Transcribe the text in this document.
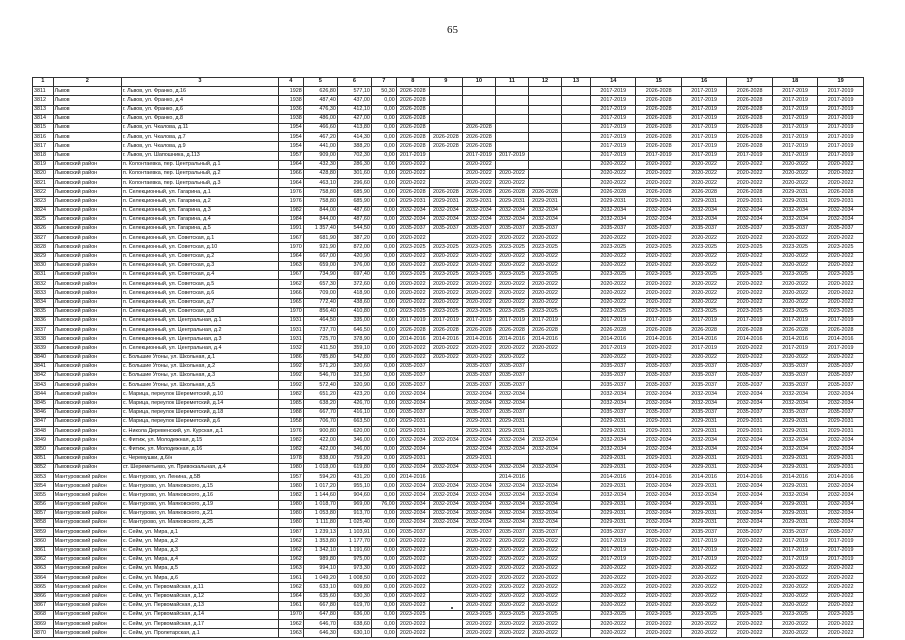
65
1	2	3	4	5	6	7	8	9	10	11	12	13	14	15	16	17	18	19
3811	Львов	г. Львов, ул. Франко, д.16	1928	626,80	577,10	50,30	2026-2028						2017-2019	2026-2028	2017-2019	2026-2028	2017-2019	2017-2019
3812	Львов	г. Львов, ул. Франко, д.4	1938	487,40	437,00	0,00	2026-2028						2017-2019	2026-2028	2017-2019	2026-2028	2017-2019	2017-2019
3813	Львов	г. Львов, ул. Франко, д.6	1936	476,30	412,10	0,00	2026-2028						2017-2019	2026-2028	2017-2019	2026-2028	2017-2019	2017-2019
3814	Львов	г. Львов, ул. Франко, д.8	1938	486,00	427,00	0,00	2026-2028						2017-2019	2026-2028	2017-2019	2026-2028	2017-2019	2017-2019
3815	Львов	г. Львов, ул. Чкалова, д.11	1954	466,60	413,80	0,00	2026-2028		2026-2028				2017-2019	2026-2028	2017-2019	2026-2028	2017-2019	2017-2019
3816	Львов	г. Львов, ул. Чкалова, д.7	1954	467,20	414,30	0,00	2026-2028	2026-2028	2026-2028				2017-2019	2026-2028	2017-2019	2026-2028	2017-2019	2017-2019
3817	Львов	г. Львов, ул. Чкалова, д.9	1954	441,00	388,20	0,00	2026-2028	2026-2028	2026-2028				2017-2019	2026-2028	2017-2019	2026-2028	2017-2019	2017-2019
3818	Львов	г. Львов, ул. Шапошника, д.113	1957	909,00	702,30	0,00	2017-2019		2017-2019	2017-2019			2017-2019	2017-2019	2017-2019	2017-2019	2017-2019	2017-2019
3819	Львовский район	п. Колонтаевка, пер. Центральный, д.1	1964	432,30	286,30	0,00	2020-2022		2020-2022				2020-2022	2020-2022	2020-2022	2020-2022	2020-2022	2020-2022
3820	Львовский район	п. Колонтаевка, пер. Центральный, д.2	1966	428,80	301,60	0,00	2020-2022		2020-2022	2020-2022			2020-2022	2020-2022	2020-2022	2020-2022	2020-2022	2020-2022
3821	Львовский район	п. Колонтаевка, пер. Центральный, д.3	1964	463,10	296,60	0,00	2020-2022		2020-2022	2020-2022			2020-2022	2020-2022	2020-2022	2020-2022	2020-2022	2020-2022
3822	Львовский район	п. Селекционный, ул. Гагарина, д.1	1976	758,80	685,90	0,00	2026-2028	2026-2028	2026-2028	2026-2028	2026-2028		2026-2028	2026-2028	2026-2028	2026-2028	2029-2031	2026-2028
3823	Львовский район	п. Селекционный, ул. Гагарина, д.2	1976	758,80	685,90	0,00	2029-2031	2029-2031	2029-2031	2029-2031	2029-2031		2029-2031	2029-2031	2029-2031	2029-2031	2029-2031	2029-2031
3824	Львовский район	п. Селекционный, ул. Гагарина, д.3	1982	844,00	487,60	0,00	2032-2034	2032-2034	2032-2034	2032-2034	2032-2034		2032-2034	2032-2034	2032-2034	2032-2034	2032-2034	2032-2034
3825	Львовский район	п. Селекционный, ул. Гагарина, д.4	1984	844,00	487,60	0,00	2032-2034	2032-2034	2032-2034	2032-2034	2032-2034		2032-2034	2032-2034	2032-2034	2032-2034	2032-2034	2032-2034
3826	Львовский район	п. Селекционный, ул. Гагарина, д.5	1991	1 357,40	544,50	0,00	2035-2037	2035-2037	2035-2037	2035-2037	2035-2037		2035-2037	2035-2037	2035-2037	2035-2037	2035-2037	2035-2037
3827	Львовский район	п. Селекционный, ул. Советская, д.1	1967	681,90	387,20	0,00	2020-2022		2020-2022	2020-2022	2020-2022		2020-2022	2020-2022	2020-2022	2020-2022	2020-2022	2020-2022
3828	Львовский район	п. Селекционный, ул. Советская, д.10	1970	921,90	872,00	0,00	2023-2025	2023-2025	2023-2025	2023-2025	2023-2025		2023-2025	2023-2025	2023-2025	2023-2025	2023-2025	2023-2025
3829	Львовский район	п. Селекционный, ул. Советская, д.2	1964	667,00	420,90	0,00	2020-2022	2020-2022	2020-2022	2020-2022	2020-2022		2020-2022	2020-2022	2020-2022	2020-2022	2020-2022	2020-2022
3830	Львовский район	п. Селекционный, ул. Советская, д.3	1963	659,00	376,00	0,00	2020-2022	2020-2022	2020-2022	2020-2022	2020-2022		2020-2022	2020-2022	2020-2022	2020-2022	2020-2022	2020-2022
3831	Львовский район	п. Селекционный, ул. Советская, д.4	1967	734,90	697,40	0,00	2023-2025	2023-2025	2023-2025	2023-2025	2023-2025		2023-2025	2023-2025	2023-2025	2023-2025	2023-2025	2023-2025
3832	Львовский район	п. Селекционный, ул. Советская, д.5	1962	657,30	372,60	0,00	2020-2022	2020-2022	2020-2022	2020-2022	2020-2022		2020-2022	2020-2022	2020-2022	2020-2022	2020-2022	2020-2022
3833	Львовский район	п. Селекционный, ул. Советская, д.6	1966	709,00	418,90	0,00	2020-2022	2020-2022	2020-2022	2020-2022	2020-2022		2020-2022	2020-2022	2020-2022	2020-2022	2020-2022	2020-2022
3834	Львовский район	п. Селекционный, ул. Советская, д.7	1965	772,40	438,60	0,00	2020-2022	2020-2022	2020-2022	2020-2022	2020-2022		2020-2022	2020-2022	2020-2022	2020-2022	2020-2022	2020-2022
3835	Львовский район	п. Селекционный, ул. Советская, д.8	1970	856,40	410,80	0,00	2023-2025	2023-2025	2023-2025	2023-2025	2023-2025		2023-2025	2023-2025	2023-2025	2023-2025	2023-2025	2023-2025
3836	Львовский район	п. Селекционный, ул. Центральная, д.1	1931	464,50	335,00	0,00	2017-2019	2017-2019	2017-2019	2017-2019	2017-2019		2017-2019	2017-2019	2017-2019	2017-2019	2017-2019	2017-2019
3837	Львовский район	п. Селекционный, ул. Центральная, д.2	1931	737,70	646,50	0,00	2026-2028	2026-2028	2026-2028	2026-2028	2026-2028		2026-2028	2026-2028	2026-2028	2026-2028	2026-2028	2026-2028
3838	Львовский район	п. Селекционный, ул. Центральная, д.3	1931	725,70	378,90	0,00	2014-2016	2014-2016	2014-2016	2014-2016	2014-2016		2014-2016	2014-2016	2014-2016	2014-2016	2014-2016	2014-2016
3839	Львовский район	п. Селекционный, ул. Центральная, д.4	1932	411,50	359,10	0,00	2020-2022	2020-2022	2020-2022	2020-2022	2020-2022		2017-2019	2020-2022	2017-2019	2020-2022	2017-2019	2017-2019
3840	Львовский район	с. Большие Угоны, ул. Школьная, д.1	1986	785,80	542,80	0,00	2020-2022	2020-2022	2020-2022	2020-2022			2020-2022	2020-2022	2020-2022	2020-2022	2020-2022	2020-2022
3841	Львовский район	с. Большие Угоны, ул. Школьная, д.2	1992	571,20	320,60	0,00	2035-2037		2035-2037	2035-2037			2035-2037	2035-2037	2035-2037	2035-2037	2035-2037	2035-2037
3842	Львовский район	с. Большие Угоны, ул. Школьная, д.3	1992	546,70	321,50	0,00	2035-2037		2035-2037	2035-2037			2035-2037	2035-2037	2035-2037	2035-2037	2035-2037	2035-2037
3843	Львовский район	с. Большие Угоны, ул. Школьная, д.5	1992	572,40	320,90	0,00	2035-2037		2035-2037	2035-2037			2035-2037	2035-2037	2035-2037	2035-2037	2035-2037	2035-2037
3844	Львовский район	с. Марица, переулок Шереметский, д.10	1982	651,20	423,20	0,00	2032-2034		2032-2034	2032-2034			2032-2034	2032-2034	2032-2034	2032-2034	2032-2034	2032-2034
3845	Львовский район	с. Марица, переулок Шереметский, д.14	1985	638,20	426,70	0,00	2032-2034		2032-2034	2032-2034			2032-2034	2032-2034	2032-2034	2032-2034	2032-2034	2032-2034
3846	Львовский район	с. Марица, переулок Шереметский, д.18	1988	667,70	416,10	0,00	2035-2037		2035-2037	2035-2037			2035-2037	2035-2037	2035-2037	2035-2037	2035-2037	2035-2037
3847	Львовский район	с. Марица, переулок Шереметский, д.6	1958	706,70	663,50	0,00	2029-2031		2029-2031	2029-2031			2029-2031	2029-2031	2029-2031	2029-2031	2029-2031	2029-2031
3848	Львовский район	с. Никола Деревенский, ул. Курская, д.1	1976	900,80	620,00	0,00	2029-2031		2029-2031	2029-2031			2029-2031	2029-2031	2029-2031	2029-2031	2029-2031	2029-2031
3849	Львовский район	с. Фитиж, ул. Молодежная, д.15	1982	422,00	346,00	0,00	2032-2034	2032-2034	2032-2034	2032-2034	2032-2034		2032-2034	2032-2034	2032-2034	2032-2034	2032-2034	2032-2034
3850	Львовский район	с. Фитиж, ул. Молодежная, д.16	1982	422,00	346,00	0,00	2032-2034		2032-2034	2032-2034	2032-2034		2032-2034	2032-2034	2032-2034	2032-2034	2032-2034	2032-2034
3851	Львовский район	с. Черемушки, д.6/н	1978	838,00	759,20	0,00	2029-2031		2029-2031				2029-2031	2029-2031	2029-2031	2029-2031	2029-2031	2029-2031
3852	Львовский район	ст. Шереметьево, ул. Привокзальная, д.4	1980	1 018,00	619,80	0,00	2032-2034	2032-2034	2032-2034	2032-2034	2032-2034		2029-2031	2032-2034	2029-2031	2032-2034	2029-2031	2029-2031
3853	Мантуровский район	с. Мантурово, ул. Ленина, д.5В	1957	594,20	431,20	0,00	2014-2016			2014-2016			2014-2016	2014-2016	2014-2016	2014-2016	2014-2016	2014-2016
3854	Мантуровский район	с. Мантурово, ул. Маяковского, д.15	1980	1 017,20	955,10	0,00	2032-2034	2032-2034	2032-2034	2032-2034	2032-2034		2029-2031	2032-2034	2029-2031	2032-2034	2029-2031	2032-2034
3855	Мантуровский район	с. Мантурово, ул. Маяковского, д.16	1982	1 144,60	904,60	0,00	2032-2034	2032-2034	2032-2034	2032-2034	2032-2034		2032-2034	2032-2034	2032-2034	2032-2034	2032-2034	2032-2034
3856	Мантуровский район	с. Мантурово, ул. Маяковского, д.19	1980	1 018,70	969,00	76,00	2032-2034	2032-2034	2032-2034	2032-2034	2032-2034		2029-2031	2032-2034	2029-2031	2032-2034	2029-2031	2032-2034
3857	Мантуровский район	с. Мантурово, ул. Маяковского, д.21	1980	1 053,80	913,70	0,00	2032-2034	2032-2034	2032-2034	2032-2034	2032-2034		2029-2031	2032-2034	2029-2031	2032-2034	2029-2031	2032-2034
3858	Мантуровский район	с. Мантурово, ул. Маяковского, д.25	1980	1 111,80	1 025,40	0,00	2032-2034	2032-2034	2032-2034	2032-2034	2032-2034		2029-2031	2032-2034	2029-2031	2032-2034	2029-2031	2032-2034
3859	Мантуровский район	с. Сейм, ул. Мира, д.1	1987	1 239,13	1 103,91	0,00	2035-2037		2035-2037	2035-2037	2035-2037		2035-2037	2035-2037	2035-2037	2035-2037	2035-2037	2035-2037
3860	Мантуровский район	с. Сейм, ул. Мира, д.2	1962	1 353,80	1 177,70	0,00	2020-2022		2020-2022	2020-2022	2020-2022		2017-2019	2020-2022	2017-2019	2020-2022	2017-2019	2017-2019
3861	Мантуровский район	с. Сейм, ул. Мира, д.3	1962	1 342,10	1 191,60	0,00	2020-2022		2020-2022	2020-2022	2020-2022		2017-2019	2020-2022	2017-2019	2020-2022	2017-2019	2017-2019
3862	Мантуровский район	с. Сейм, ул. Мира, д.4	1962	989,80	975,00	0,00	2020-2022		2020-2022	2020-2022	2020-2022		2017-2019	2020-2022	2017-2019	2020-2022	2017-2019	2017-2019
3863	Мантуровский район	с. Сейм, ул. Мира, д.5	1963	994,10	973,30	0,00	2020-2022		2020-2022	2020-2022	2020-2022		2020-2022	2020-2022	2020-2022	2020-2022	2020-2022	2020-2022
3864	Мантуровский район	с. Сейм, ул. Мира, д.6	1961	1 049,20	1 008,50	0,00	2020-2022		2020-2022	2020-2022	2020-2022		2020-2022	2020-2022	2020-2022	2020-2022	2020-2022	2020-2022
3865	Мантуровский район	с. Сейм, ул. Первомайская, д.11	1962	633,10	609,80	0,00	2020-2022		2020-2022	2020-2022	2020-2022		2020-2022	2020-2022	2020-2022	2020-2022	2020-2022	2020-2022
3866	Мантуровский район	с. Сейм, ул. Первомайская, д.12	1964	635,60	630,30	0,00	2020-2022		2020-2022	2020-2022	2020-2022		2020-2022	2020-2022	2020-2022	2020-2022	2020-2022	2020-2022
3867	Мантуровский район	с. Сейм, ул. Первомайская, д.13	1961	667,80	619,70	0,00	2020-2022		2020-2022	2020-2022	2020-2022		2020-2022	2020-2022	2020-2022	2020-2022	2020-2022	2020-2022
3868	Мантуровский район	с. Сейм, ул. Первомайская, д.14	1970	647,80	636,00	0,00	2023-2025		2023-2025	2023-2025	2023-2025		2023-2025	2023-2025	2023-2025	2023-2025	2023-2025	2023-2025
3869	Мантуровский район	с. Сейм, ул. Первомайская, д.17	1962	646,70	638,60	0,00	2020-2022		2020-2022	2020-2022	2020-2022		2020-2022	2020-2022	2020-2022	2020-2022	2020-2022	2020-2022
3870	Мантуровский район	с. Сейм, ул. Пролетарская, д.1	1963	646,30	630,10	0,00	2020-2022		2020-2022	2020-2022	2020-2022		2020-2022	2020-2022	2020-2022	2020-2022	2020-2022	2020-2022
